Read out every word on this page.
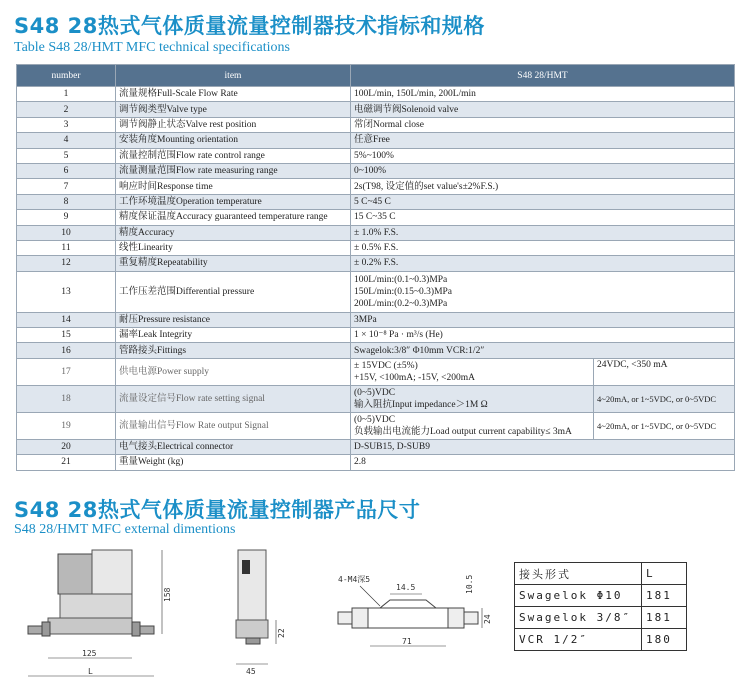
S48 28热式气体质量流量控制器技术指标和规格
Table S48 28/HMT MFC technical specifications
number	item	S48 28/HMT	
1	流量规格Full-Scale Flow Rate	100L/min, 150L/min, 200L/min	
2	调节阀类型Valve type	电磁调节阀Solenoid valve	
3	调节阀静止状态Valve rest position	常闭Normal close	
4	安装角度Mounting orientation	任意Free	
5	流量控制范围Flow rate control range	5%~100%	
6	流量测量范围Flow rate measuring range	0~100%	
7	响应时间Response time	2s(T98, 设定值的set value's±2%F.S.)	
8	工作环境温度Operation temperature	5 C~45 C	
9	精度保证温度Accuracy guaranteed temperature range	15 C~35 C	
10	精度Accuracy	± 1.0% F.S.	
11	线性Linearity	± 0.5% F.S.	
12	重复精度Repeatability	± 0.2% F.S.	
13	工作压差范围Differential pressure	100L/min:(0.1~0.3)MPa
150L/min:(0.15~0.3)MPa
200L/min:(0.2~0.3)MPa	

14	耐压Pressure resistance	3MPa	
15	漏率Leak Integrity	1 × 10⁻⁸ Pa · m³/s (He)	
16	管路接头Fittings	Swagelok:3/8″ Φ10mm VCR:1/2″	
17	供电电源Power supply	± 15VDC (±5%)
+15V, <100mA; -15V, <200mA	24VDC, <350 mA
18	流量设定信号Flow rate setting signal	(0~5)VDC
输入阻抗Input impedance＞1M Ω	4~20mA, or 1~5VDC, or 0~5VDC
19	流量输出信号Flow Rate output Signal	(0~5)VDC
负载输出电流能力Load output current capability≤ 3mA	4~20mA, or 1~5VDC, or 0~5VDC
20	电气接头Electrical connector	D-SUB15, D-SUB9	
21	重量Weight (kg)	2.8	
S48 28热式气体质量流量控制器产品尺寸
S48 28/HMT MFC external dimentions
158
125
L
22
45
4-M4深5
14.5	10.5
24
71
接头形式	L
Swagelok Φ10	181
Swagelok 3/8″	181
VCR 1/2″	180
